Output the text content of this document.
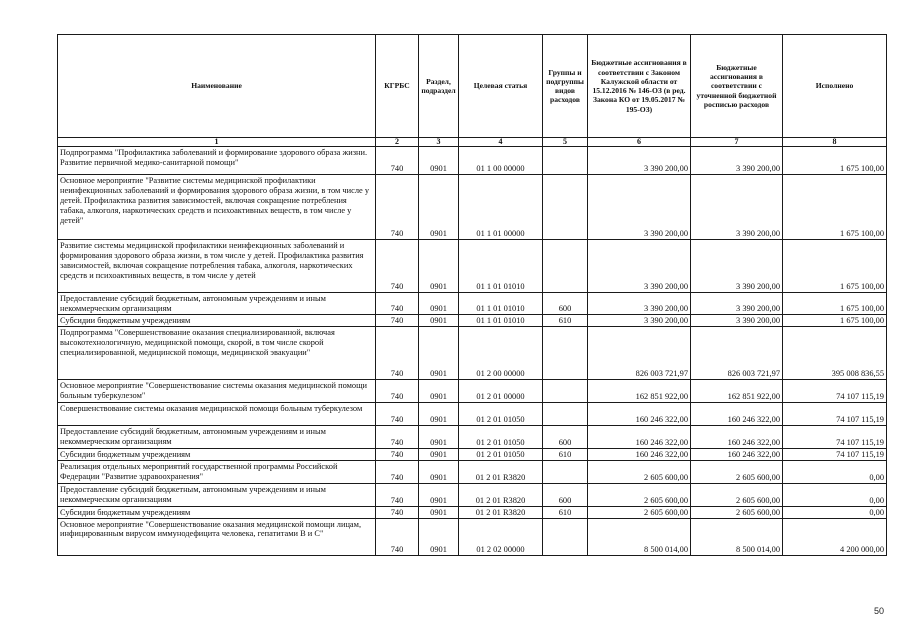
Наименование	КГРБС	Раздел, подраздел	Целевая статья	Группы и подгруппы видов расходов	Бюджетные ассигнования в соответствии с Законом Калужской области от 15.12.2016 № 146-ОЗ (в ред. Закона КО от 19.05.2017 № 195-ОЗ)	Бюджетные ассигнования в соответствии с уточненной бюджетной росписью расходов	Исполнено
1	2	3	4	5	6	7	8
Подпрограмма "Профилактика заболеваний и формирование здорового образа жизни. Развитие первичной медико-санитарной помощи"	740	0901	01 1 00 00000		3 390 200,00	3 390 200,00	1 675 100,00
Основное мероприятие "Развитие системы медицинской профилактики неинфекционных заболеваний и формирования здорового образа жизни, в том числе у детей. Профилактика развития зависимостей, включая сокращение потребления табака, алкоголя, наркотических средств и психоактивных веществ, в том числе у детей"	740	0901	01 1 01 00000		3 390 200,00	3 390 200,00	1 675 100,00
Развитие системы медицинской профилактики неинфекционных заболеваний и формирования здорового образа жизни, в том числе у детей. Профилактика развития зависимостей, включая сокращение потребления табака, алкоголя, наркотических средств и психоактивных веществ, в том числе у детей	740	0901	01 1 01 01010		3 390 200,00	3 390 200,00	1 675 100,00
Предоставление субсидий бюджетным, автономным учреждениям и иным некоммерческим организациям	740	0901	01 1 01 01010	600	3 390 200,00	3 390 200,00	1 675 100,00
Субсидии бюджетным учреждениям	740	0901	01 1 01 01010	610	3 390 200,00	3 390 200,00	1 675 100,00
Подпрограмма "Совершенствование оказания специализированной, включая высокотехнологичную, медицинской помощи, скорой, в том числе скорой специализированной, медицинской помощи, медицинской эвакуации"	740	0901	01 2 00 00000		826 003 721,97	826 003 721,97	395 008 836,55
Основное мероприятие "Совершенствование системы оказания медицинской помощи больным туберкулезом"	740	0901	01 2 01 00000		162 851 922,00	162 851 922,00	74 107 115,19
Совершенствование системы оказания медицинской помощи больным туберкулезом	740	0901	01 2 01 01050		160 246 322,00	160 246 322,00	74 107 115,19
Предоставление субсидий бюджетным, автономным учреждениям и иным некоммерческим организациям	740	0901	01 2 01 01050	600	160 246 322,00	160 246 322,00	74 107 115,19
Субсидии бюджетным учреждениям	740	0901	01 2 01 01050	610	160 246 322,00	160 246 322,00	74 107 115,19
Реализация отдельных мероприятий государственной программы Российской Федерации "Развитие здравоохранения"	740	0901	01 2 01 R3820		2 605 600,00	2 605 600,00	0,00
Предоставление субсидий бюджетным, автономным учреждениям и иным некоммерческим организациям	740	0901	01 2 01 R3820	600	2 605 600,00	2 605 600,00	0,00
Субсидии бюджетным учреждениям	740	0901	01 2 01 R3820	610	2 605 600,00	2 605 600,00	0,00
Основное мероприятие "Совершенствование оказания медицинской помощи лицам, инфицированным вирусом иммунодефицита человека, гепатитами В и С"	740	0901	01 2 02 00000		8 500 014,00	8 500 014,00	4 200 000,00
50
